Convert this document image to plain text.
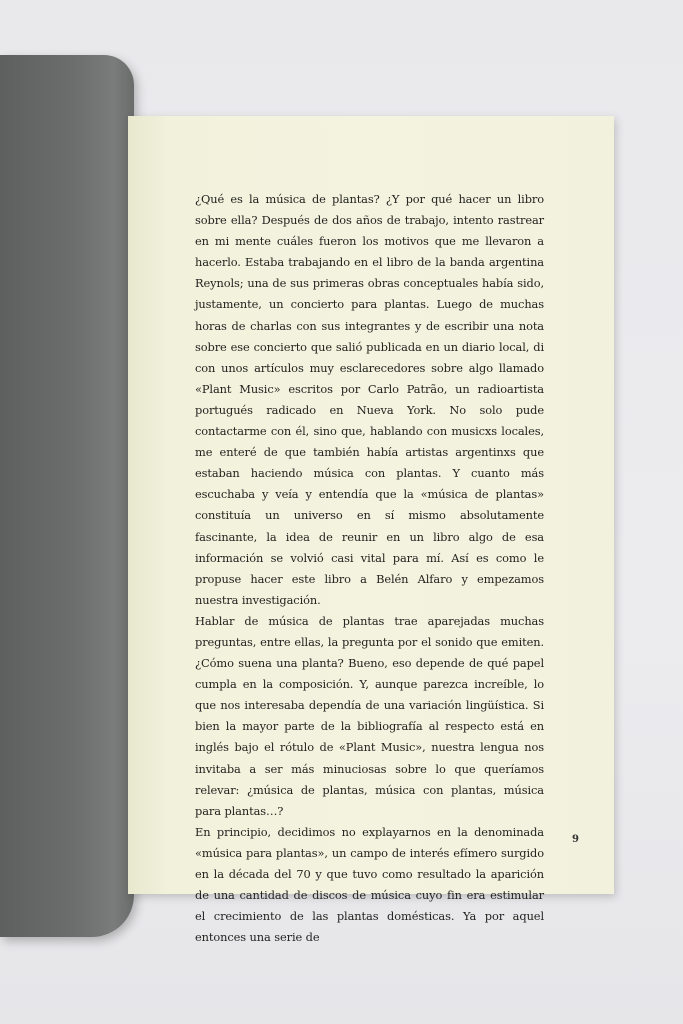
¿Qué es la música de plantas? ¿Y por qué hacer un libro sobre ella? Después de dos años de trabajo, intento rastrear en mi mente cuáles fueron los motivos que me llevaron a hacerlo. Estaba trabajando en el libro de la banda argentina Reynols; una de sus primeras obras conceptuales había sido, justamente, un concierto para plantas. Luego de muchas horas de charlas con sus integrantes y de escribir una nota sobre ese concierto que salió publicada en un diario local, di con unos artículos muy esclarecedores sobre algo llamado «Plant Music» escritos por Carlo Patrão, un radioartista portugués radicado en Nueva York. No solo pude contactarme con él, sino que, hablando con musicxs locales, me enteré de que también había artistas argentinxs que estaban haciendo música con plantas. Y cuanto más escuchaba y veía y entendía que la «música de plantas» constituía un universo en sí mismo absolutamente fascinante, la idea de reunir en un libro algo de esa información se volvió casi vital para mí. Así es como le propuse hacer este libro a Belén Alfaro y empezamos nuestra investigación.

Hablar de música de plantas trae aparejadas muchas preguntas, entre ellas, la pregunta por el sonido que emiten. ¿Cómo suena una planta? Bueno, eso depende de qué papel cumpla en la composición. Y, aunque parezca increíble, lo que nos interesaba dependía de una variación lingüística. Si bien la mayor parte de la bibliografía al respecto está en inglés bajo el rótulo de «Plant Music», nuestra lengua nos invitaba a ser más minuciosas sobre lo que queríamos relevar: ¿música de plantas, música con plantas, música para plantas…?

En principio, decidimos no explayarnos en la denominada «música para plantas», un campo de interés efímero surgido en la década del 70 y que tuvo como resultado la aparición de una cantidad de discos de música cuyo fin era estimular el crecimiento de las plantas domésticas. Ya por aquel entonces una serie de

9
